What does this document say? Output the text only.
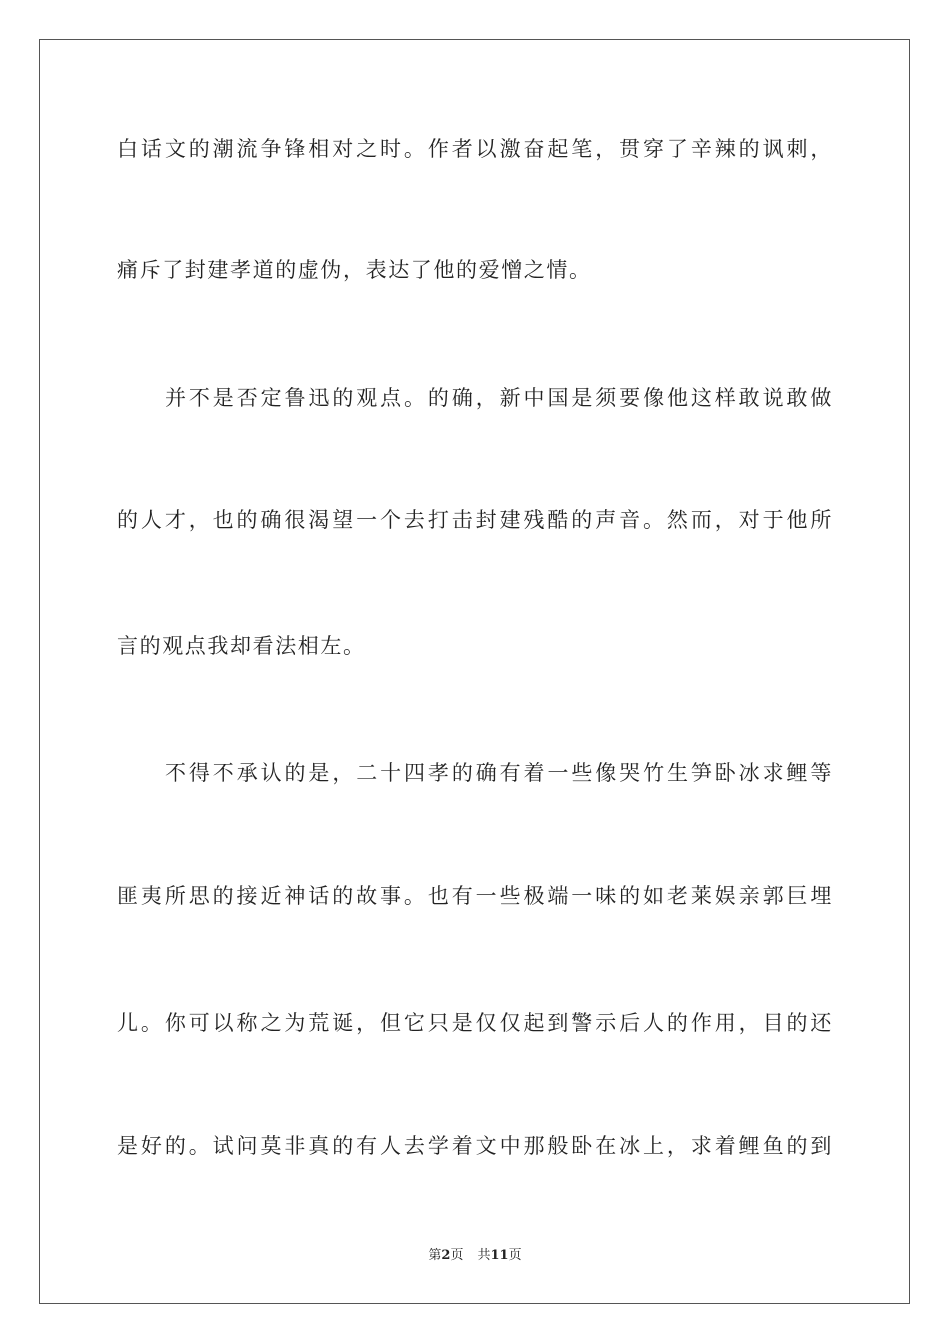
白话文的潮流争锋相对之时。作者以激奋起笔，贯穿了辛辣的讽刺，

痛斥了封建孝道的虚伪，表达了他的爱憎之情。

并不是否定鲁迅的观点。的确，新中国是须要像他这样敢说敢做

的人才，也的确很渴望一个去打击封建残酷的声音。然而，对于他所

言的观点我却看法相左。

不得不承认的是，二十四孝的确有着一些像哭竹生笋卧冰求鲤等

匪夷所思的接近神话的故事。也有一些极端一味的如老莱娱亲郭巨埋

儿。你可以称之为荒诞，但它只是仅仅起到警示后人的作用，目的还

是好的。试问莫非真的有人去学着文中那般卧在冰上，求着鲤鱼的到

第2页 共11页
